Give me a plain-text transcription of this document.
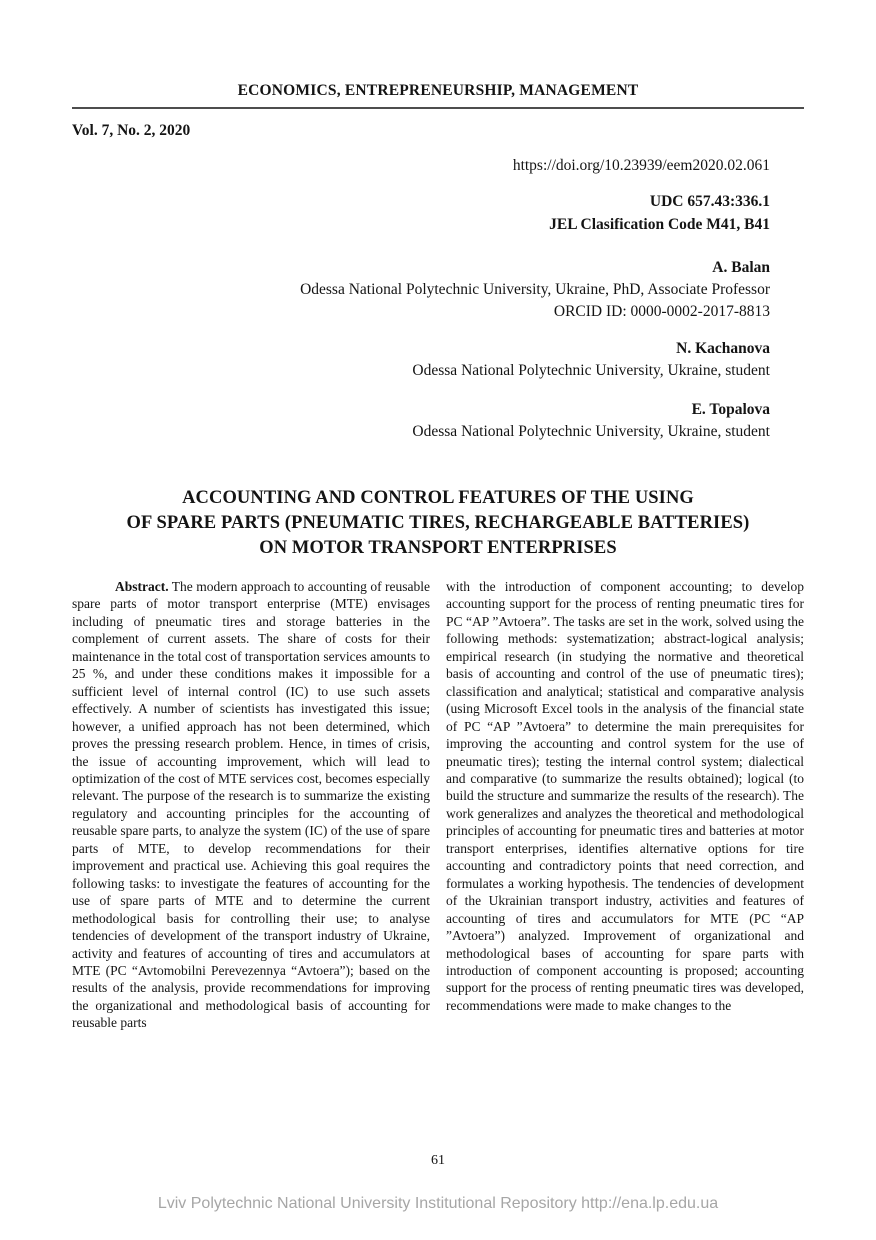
ECONOMICS, ENTREPRENEURSHIP, MANAGEMENT
Vol. 7, No. 2, 2020
https://doi.org/10.23939/eem2020.02.061
UDC 657.43:336.1
JEL Clasification Code M41, B41
A. Balan
Odessa National Polytechnic University, Ukraine, PhD, Associate Professor
ORCID ID: 0000-0002-2017-8813
N. Kachanova
Odessa National Polytechnic University, Ukraine, student
E. Topalova
Odessa National Polytechnic University, Ukraine, student
ACCOUNTING AND CONTROL FEATURES OF THE USING
OF SPARE PARTS (PNEUMATIC TIRES, RECHARGEABLE BATTERIES)
ON MOTOR TRANSPORT ENTERPRISES

Abstract. The modern approach to accounting of reusable spare parts of motor transport enterprise (MTE) envisages including of pneumatic tires and storage batteries in the complement of current assets. The share of costs for their maintenance in the total cost of transportation services amounts to 25 %, and under these conditions makes it impossible for a sufficient level of internal control (IC) to use such assets effectively. A number of scientists has investigated this issue; however, a unified approach has not been determined, which proves the pressing research problem. Hence, in times of crisis, the issue of accounting improvement, which will lead to optimization of the cost of MTE services cost, becomes especially relevant. The purpose of the research is to summarize the existing regulatory and accounting principles for the accounting of reusable spare parts, to analyze the system (IC) of the use of spare parts of MTE, to develop recommendations for their improvement and practical use. Achieving this goal requires the following tasks: to investigate the features of accounting for the use of spare parts of MTE and to determine the current methodological basis for controlling their use; to analyse tendencies of development of the transport industry of Ukraine, activity and features of accounting of tires and accumulators at MTE (PC “Avtomobilni Perevezennya “Avtoera”); based on the results of the analysis, provide recommendations for improving the organizational and methodological basis of accounting for reusable parts

with the introduction of component accounting; to develop accounting support for the process of renting pneumatic tires for PC “AP ”Avtoera”. The tasks are set in the work, solved using the following methods: systematization; abstract-logical analysis; empirical research (in studying the normative and theoretical basis of accounting and control of the use of pneumatic tires); classification and analytical; statistical and comparative analysis (using Microsoft Excel tools in the analysis of the financial state of PC “AP ”Avtoera” to determine the main prerequisites for improving the accounting and control system for the use of pneumatic tires); testing the internal control system; dialectical and comparative (to summarize the results obtained); logical (to build the structure and summarize the results of the research). The work generalizes and analyzes the theoretical and methodological principles of accounting for pneumatic tires and batteries at motor transport enterprises, identifies alternative options for tire accounting and contradictory points that need correction, and formulates a working hypothesis. The tendencies of development of the Ukrainian transport industry, activities and features of accounting of tires and accumulators for MTE (PC “AP ”Avtoera”) analyzed. Improvement of organizational and methodological bases of accounting for spare parts with introduction of component accounting is proposed; accounting support for the process of renting pneumatic tires was developed, recommendations were made to make changes to the

61
Lviv Polytechnic National University Institutional Repository http://ena.lp.edu.ua
